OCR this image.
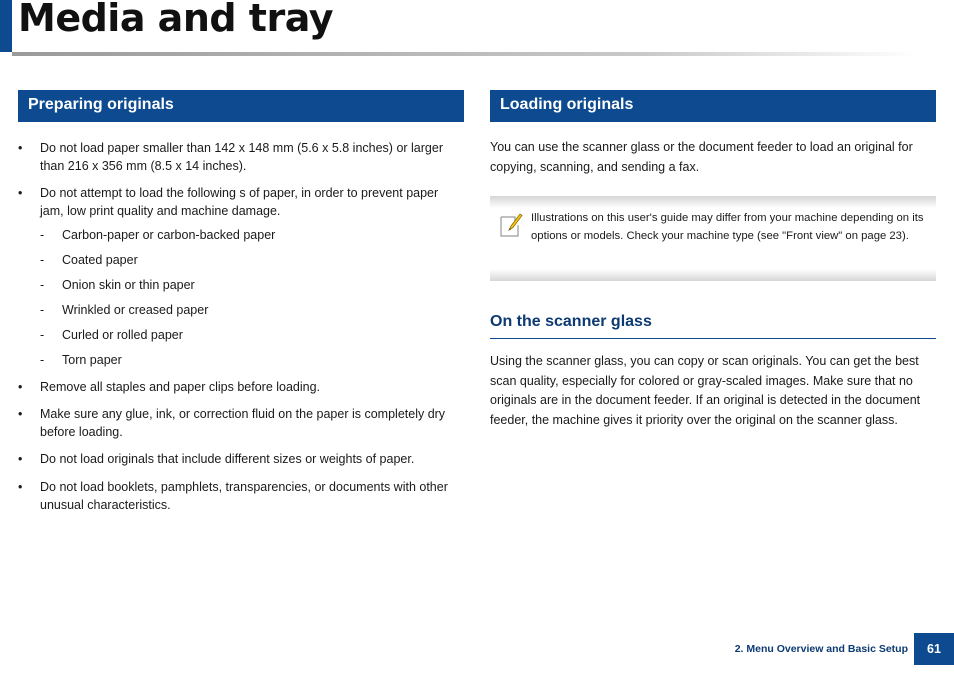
Media and tray
Preparing originals
• Do not load paper smaller than 142 x 148 mm (5.6 x 5.8 inches) or larger than 216 x 356 mm (8.5 x 14 inches).
• Do not attempt to load the following s of paper, in order to prevent paper jam, low print quality and machine damage.
- Carbon-paper or carbon-backed paper
- Coated paper
- Onion skin or thin paper
- Wrinkled or creased paper
- Curled or rolled paper
- Torn paper
• Remove all staples and paper clips before loading.
• Make sure any glue, ink, or correction fluid on the paper is completely dry before loading.
• Do not load originals that include different sizes or weights of paper.
• Do not load booklets, pamphlets, transparencies, or documents with other unusual characteristics.
Loading originals

You can use the scanner glass or the document feeder to load an original for copying, scanning, and sending a fax.

Illustrations on this user's guide may differ from your machine depending on its options or models. Check your machine type (see "Front view" on page 23).

On the scanner glass

Using the scanner glass, you can copy or scan originals. You can get the best scan quality, especially for colored or gray-scaled images. Make sure that no originals are in the document feeder. If an original is detected in the document feeder, the machine gives it priority over the original on the scanner glass.

2. Menu Overview and Basic Setup	61
